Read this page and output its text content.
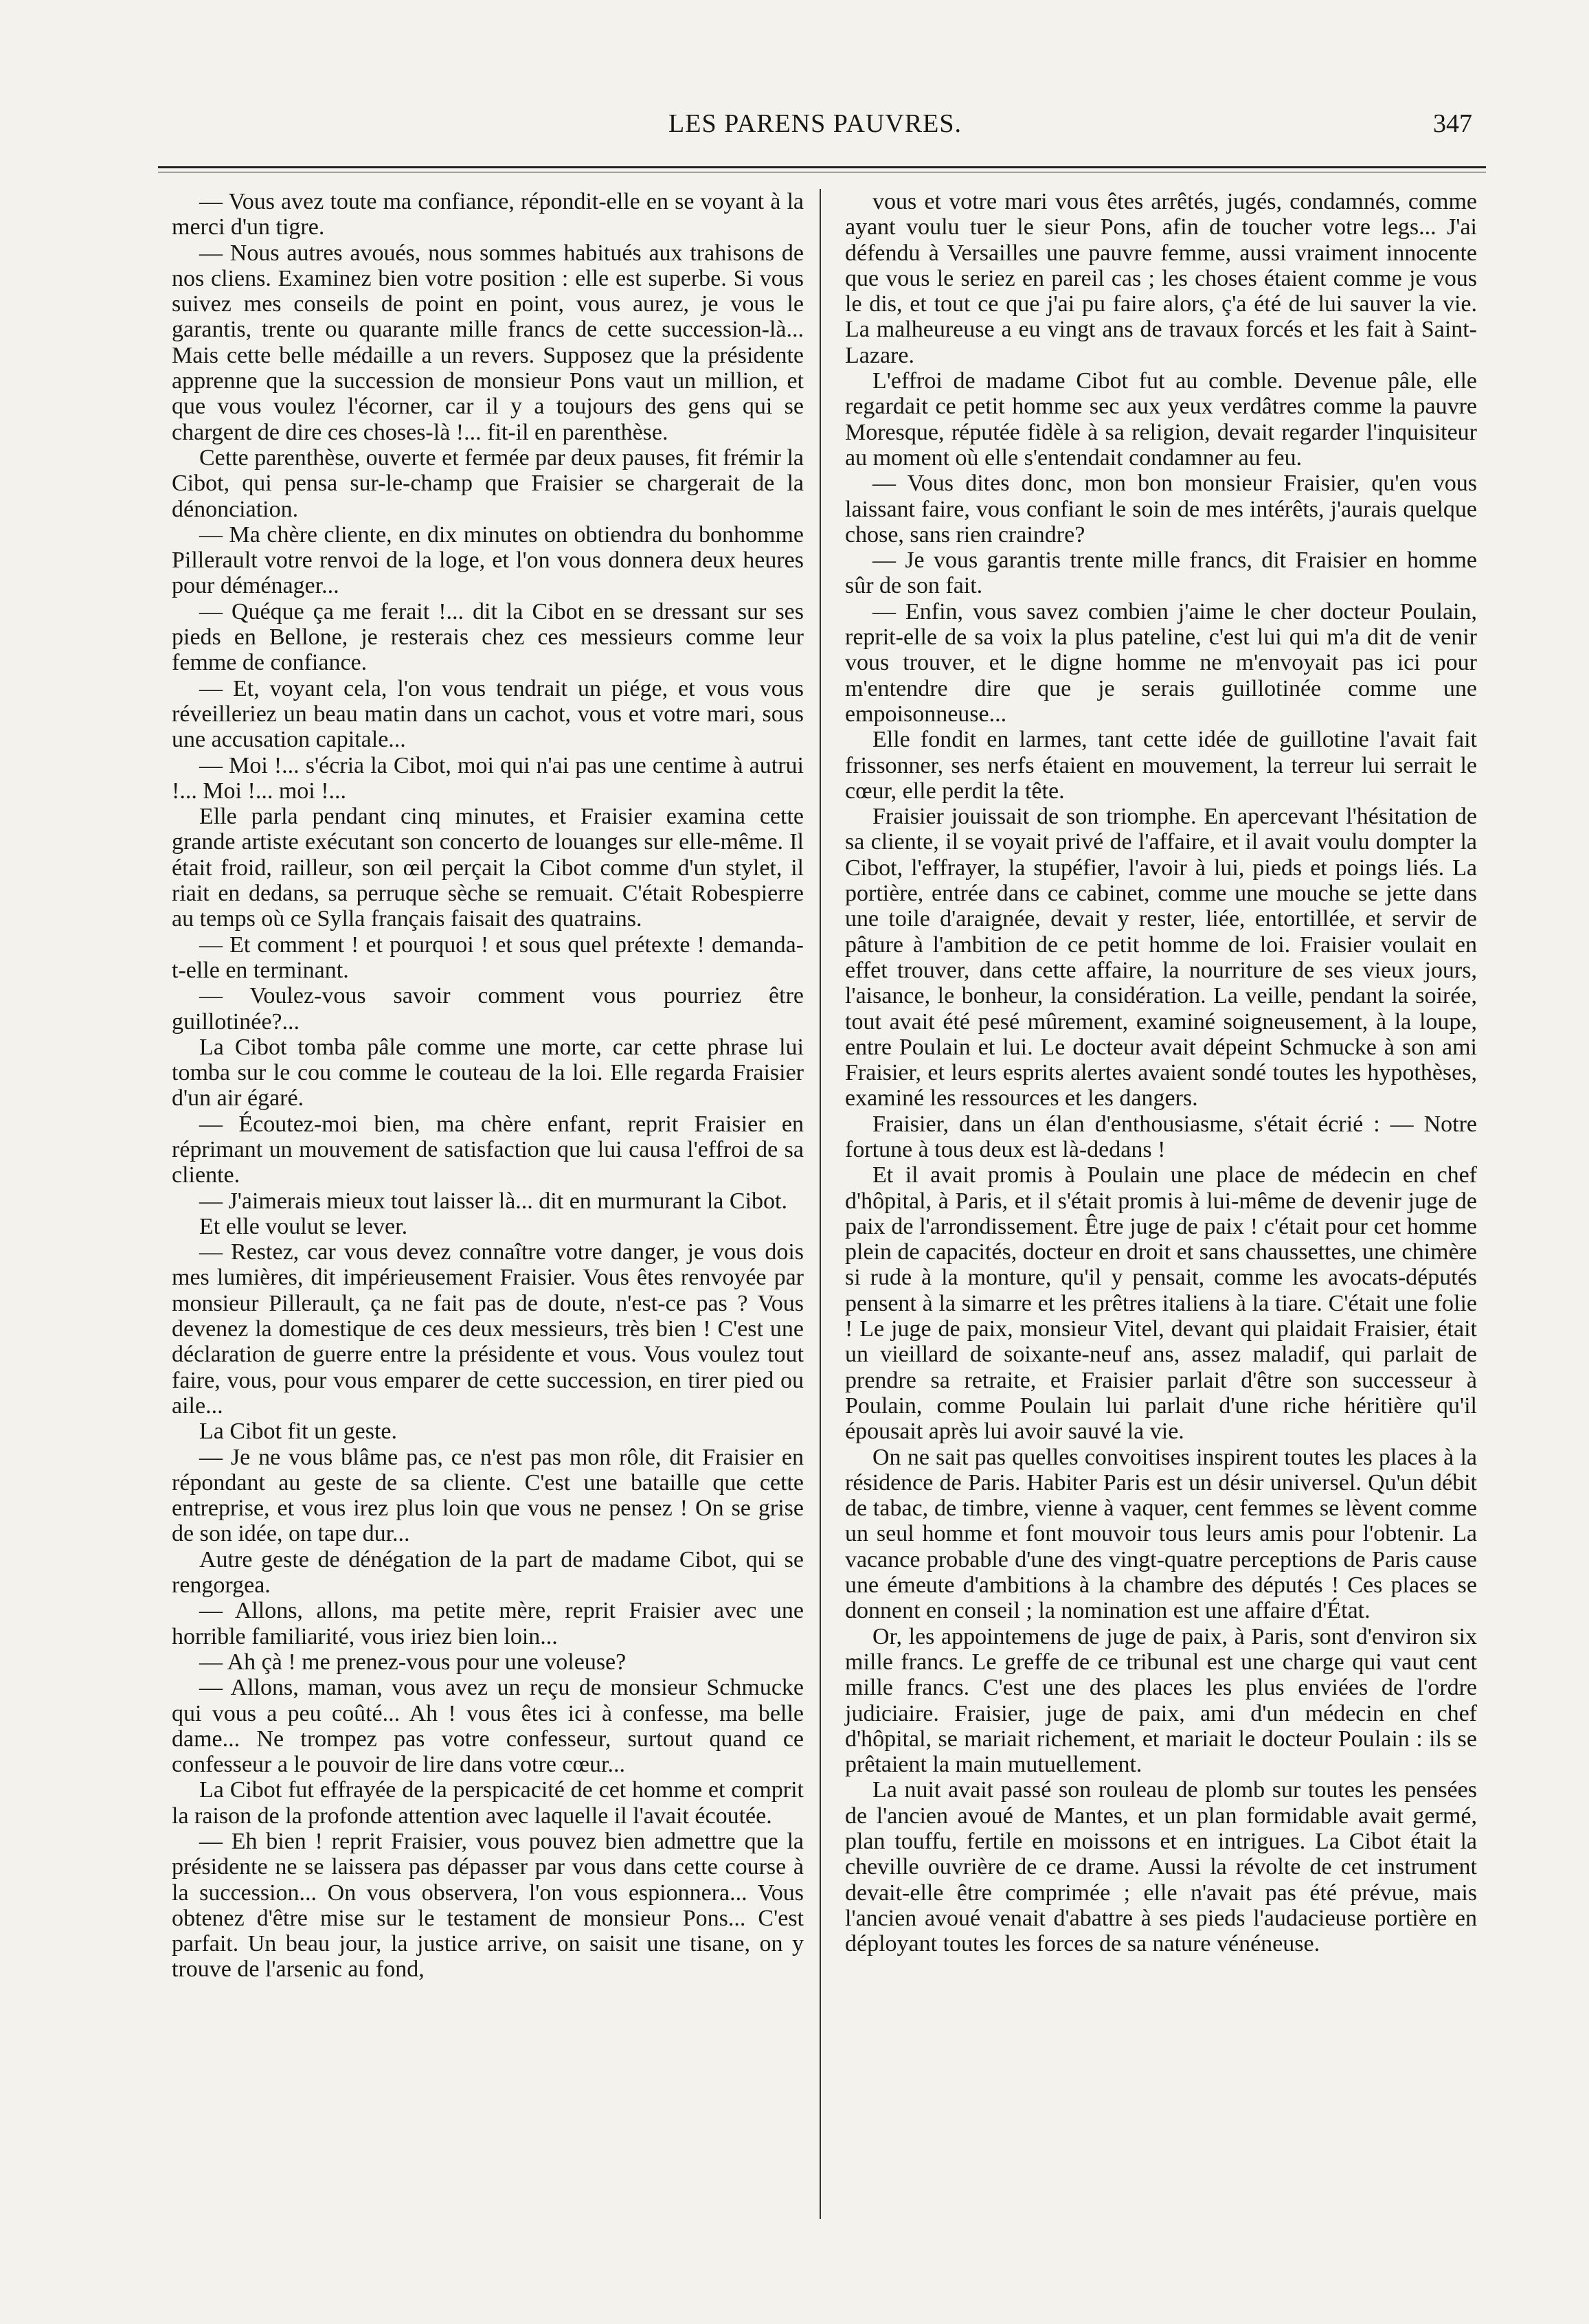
LES PARENS PAUVRES.	347

— Vous avez toute ma confiance, répondit-elle en se voyant à la merci d'un tigre.

— Nous autres avoués, nous sommes habitués aux trahisons de nos cliens. Examinez bien votre position : elle est superbe. Si vous suivez mes conseils de point en point, vous aurez, je vous le garantis, trente ou quarante mille francs de cette succession-là... Mais cette belle médaille a un revers. Supposez que la présidente apprenne que la succession de monsieur Pons vaut un million, et que vous voulez l'écorner, car il y a toujours des gens qui se chargent de dire ces choses-là !... fit-il en parenthèse.

Cette parenthèse, ouverte et fermée par deux pauses, fit frémir la Cibot, qui pensa sur-le-champ que Fraisier se chargerait de la dénonciation.

— Ma chère cliente, en dix minutes on obtiendra du bonhomme Pillerault votre renvoi de la loge, et l'on vous donnera deux heures pour déménager...

— Quéque ça me ferait !... dit la Cibot en se dressant sur ses pieds en Bellone, je resterais chez ces messieurs comme leur femme de confiance.

— Et, voyant cela, l'on vous tendrait un piége, et vous vous réveilleriez un beau matin dans un cachot, vous et votre mari, sous une accusation capitale...

— Moi !... s'écria la Cibot, moi qui n'ai pas une centime à autrui !... Moi !... moi !...

Elle parla pendant cinq minutes, et Fraisier examina cette grande artiste exécutant son concerto de louanges sur elle-même. Il était froid, railleur, son œil perçait la Cibot comme d'un stylet, il riait en dedans, sa perruque sèche se remuait. C'était Robespierre au temps où ce Sylla français faisait des quatrains.

— Et comment ! et pourquoi ! et sous quel prétexte ! demanda-t-elle en terminant.

— Voulez-vous savoir comment vous pourriez être guillotinée?...

La Cibot tomba pâle comme une morte, car cette phrase lui tomba sur le cou comme le couteau de la loi. Elle regarda Fraisier d'un air égaré.

— Écoutez-moi bien, ma chère enfant, reprit Fraisier en réprimant un mouvement de satisfaction que lui causa l'effroi de sa cliente.

— J'aimerais mieux tout laisser là... dit en murmurant la Cibot.

Et elle voulut se lever.

— Restez, car vous devez connaître votre danger, je vous dois mes lumières, dit impérieusement Fraisier. Vous êtes renvoyée par monsieur Pillerault, ça ne fait pas de doute, n'est-ce pas ? Vous devenez la domestique de ces deux messieurs, très bien ! C'est une déclaration de guerre entre la présidente et vous. Vous voulez tout faire, vous, pour vous emparer de cette succession, en tirer pied ou aile...

La Cibot fit un geste.

— Je ne vous blâme pas, ce n'est pas mon rôle, dit Fraisier en répondant au geste de sa cliente. C'est une bataille que cette entreprise, et vous irez plus loin que vous ne pensez ! On se grise de son idée, on tape dur...

Autre geste de dénégation de la part de madame Cibot, qui se rengorgea.

— Allons, allons, ma petite mère, reprit Fraisier avec une horrible familiarité, vous iriez bien loin...

— Ah çà ! me prenez-vous pour une voleuse?

— Allons, maman, vous avez un reçu de monsieur Schmucke qui vous a peu coûté... Ah ! vous êtes ici à confesse, ma belle dame... Ne trompez pas votre confesseur, surtout quand ce confesseur a le pouvoir de lire dans votre cœur...

La Cibot fut effrayée de la perspicacité de cet homme et comprit la raison de la profonde attention avec laquelle il l'avait écoutée.

— Eh bien ! reprit Fraisier, vous pouvez bien admettre que la présidente ne se laissera pas dépasser par vous dans cette course à la succession... On vous observera, l'on vous espionnera... Vous obtenez d'être mise sur le testament de monsieur Pons... C'est parfait. Un beau jour, la justice arrive, on saisit une tisane, on y trouve de l'arsenic au fond,

vous et votre mari vous êtes arrêtés, jugés, condamnés, comme ayant voulu tuer le sieur Pons, afin de toucher votre legs... J'ai défendu à Versailles une pauvre femme, aussi vraiment innocente que vous le seriez en pareil cas ; les choses étaient comme je vous le dis, et tout ce que j'ai pu faire alors, ç'a été de lui sauver la vie. La malheureuse a eu vingt ans de travaux forcés et les fait à Saint-Lazare.

L'effroi de madame Cibot fut au comble. Devenue pâle, elle regardait ce petit homme sec aux yeux verdâtres comme la pauvre Moresque, réputée fidèle à sa religion, devait regarder l'inquisiteur au moment où elle s'entendait condamner au feu.

— Vous dites donc, mon bon monsieur Fraisier, qu'en vous laissant faire, vous confiant le soin de mes intérêts, j'aurais quelque chose, sans rien craindre?

— Je vous garantis trente mille francs, dit Fraisier en homme sûr de son fait.

— Enfin, vous savez combien j'aime le cher docteur Poulain, reprit-elle de sa voix la plus pateline, c'est lui qui m'a dit de venir vous trouver, et le digne homme ne m'envoyait pas ici pour m'entendre dire que je serais guillotinée comme une empoisonneuse...

Elle fondit en larmes, tant cette idée de guillotine l'avait fait frissonner, ses nerfs étaient en mouvement, la terreur lui serrait le cœur, elle perdit la tête.

Fraisier jouissait de son triomphe. En apercevant l'hésitation de sa cliente, il se voyait privé de l'affaire, et il avait voulu dompter la Cibot, l'effrayer, la stupéfier, l'avoir à lui, pieds et poings liés. La portière, entrée dans ce cabinet, comme une mouche se jette dans une toile d'araignée, devait y rester, liée, entortillée, et servir de pâture à l'ambition de ce petit homme de loi. Fraisier voulait en effet trouver, dans cette affaire, la nourriture de ses vieux jours, l'aisance, le bonheur, la considération. La veille, pendant la soirée, tout avait été pesé mûrement, examiné soigneusement, à la loupe, entre Poulain et lui. Le docteur avait dépeint Schmucke à son ami Fraisier, et leurs esprits alertes avaient sondé toutes les hypothèses, examiné les ressources et les dangers.

Fraisier, dans un élan d'enthousiasme, s'était écrié : — Notre fortune à tous deux est là-dedans !

Et il avait promis à Poulain une place de médecin en chef d'hôpital, à Paris, et il s'était promis à lui-même de devenir juge de paix de l'arrondissement. Être juge de paix ! c'était pour cet homme plein de capacités, docteur en droit et sans chaussettes, une chimère si rude à la monture, qu'il y pensait, comme les avocats-députés pensent à la simarre et les prêtres italiens à la tiare. C'était une folie ! Le juge de paix, monsieur Vitel, devant qui plaidait Fraisier, était un vieillard de soixante-neuf ans, assez maladif, qui parlait de prendre sa retraite, et Fraisier parlait d'être son successeur à Poulain, comme Poulain lui parlait d'une riche héritière qu'il épousait après lui avoir sauvé la vie.

On ne sait pas quelles convoitises inspirent toutes les places à la résidence de Paris. Habiter Paris est un désir universel. Qu'un débit de tabac, de timbre, vienne à vaquer, cent femmes se lèvent comme un seul homme et font mouvoir tous leurs amis pour l'obtenir. La vacance probable d'une des vingt-quatre perceptions de Paris cause une émeute d'ambitions à la chambre des députés ! Ces places se donnent en conseil ; la nomination est une affaire d'État.

Or, les appointemens de juge de paix, à Paris, sont d'environ six mille francs. Le greffe de ce tribunal est une charge qui vaut cent mille francs. C'est une des places les plus enviées de l'ordre judiciaire. Fraisier, juge de paix, ami d'un médecin en chef d'hôpital, se mariait richement, et mariait le docteur Poulain : ils se prêtaient la main mutuellement.

La nuit avait passé son rouleau de plomb sur toutes les pensées de l'ancien avoué de Mantes, et un plan formidable avait germé, plan touffu, fertile en moissons et en intrigues. La Cibot était la cheville ouvrière de ce drame. Aussi la révolte de cet instrument devait-elle être comprimée ; elle n'avait pas été prévue, mais l'ancien avoué venait d'abattre à ses pieds l'audacieuse portière en déployant toutes les forces de sa nature vénéneuse.
